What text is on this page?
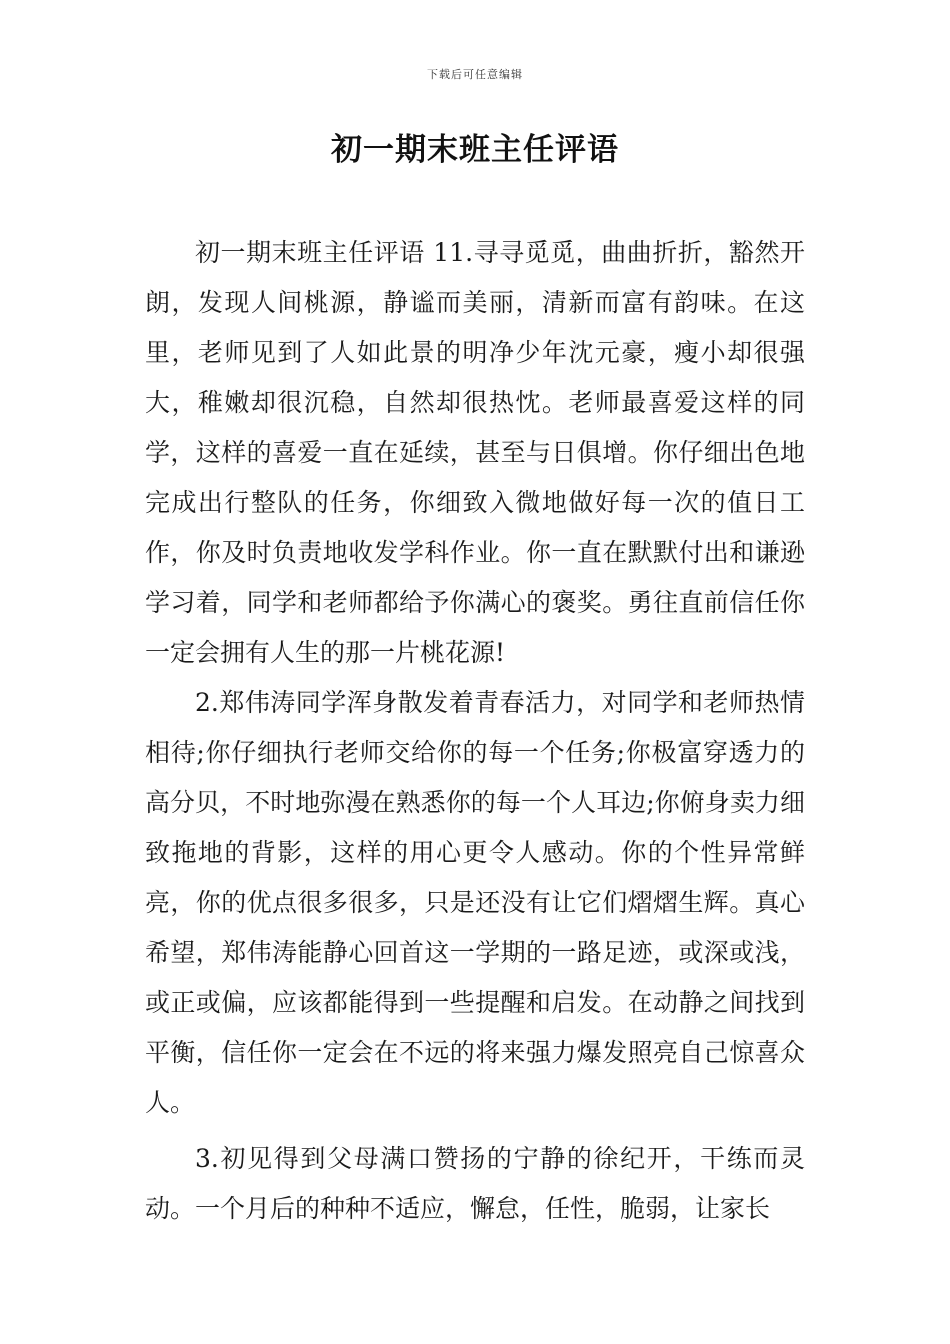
下载后可任意编辑
初一期末班主任评语

初一期末班主任评语 11.寻寻觅觅，曲曲折折，豁然开朗，发现人间桃源，静谧而美丽，清新而富有韵味。在这里，老师见到了人如此景的明净少年沈元豪，瘦小却很强大，稚嫩却很沉稳，自然却很热忱。老师最喜爱这样的同学，这样的喜爱一直在延续，甚至与日俱增。你仔细出色地完成出行整队的任务，你细致入微地做好每一次的值日工作，你及时负责地收发学科作业。你一直在默默付出和谦逊学习着，同学和老师都给予你满心的褒奖。勇往直前信任你一定会拥有人生的那一片桃花源!

2.郑伟涛同学浑身散发着青春活力，对同学和老师热情相待;你仔细执行老师交给你的每一个任务;你极富穿透力的高分贝，不时地弥漫在熟悉你的每一个人耳边;你俯身卖力细致拖地的背影，这样的用心更令人感动。你的个性异常鲜亮，你的优点很多很多，只是还没有让它们熠熠生辉。真心希望，郑伟涛能静心回首这一学期的一路足迹，或深或浅，或正或偏，应该都能得到一些提醒和启发。在动静之间找到平衡，信任你一定会在不远的将来强力爆发照亮自己惊喜众人。

3.初见得到父母满口赞扬的宁静的徐纪开，干练而灵动。一个月后的种种不适应，懈怠，任性，脆弱，让家长
